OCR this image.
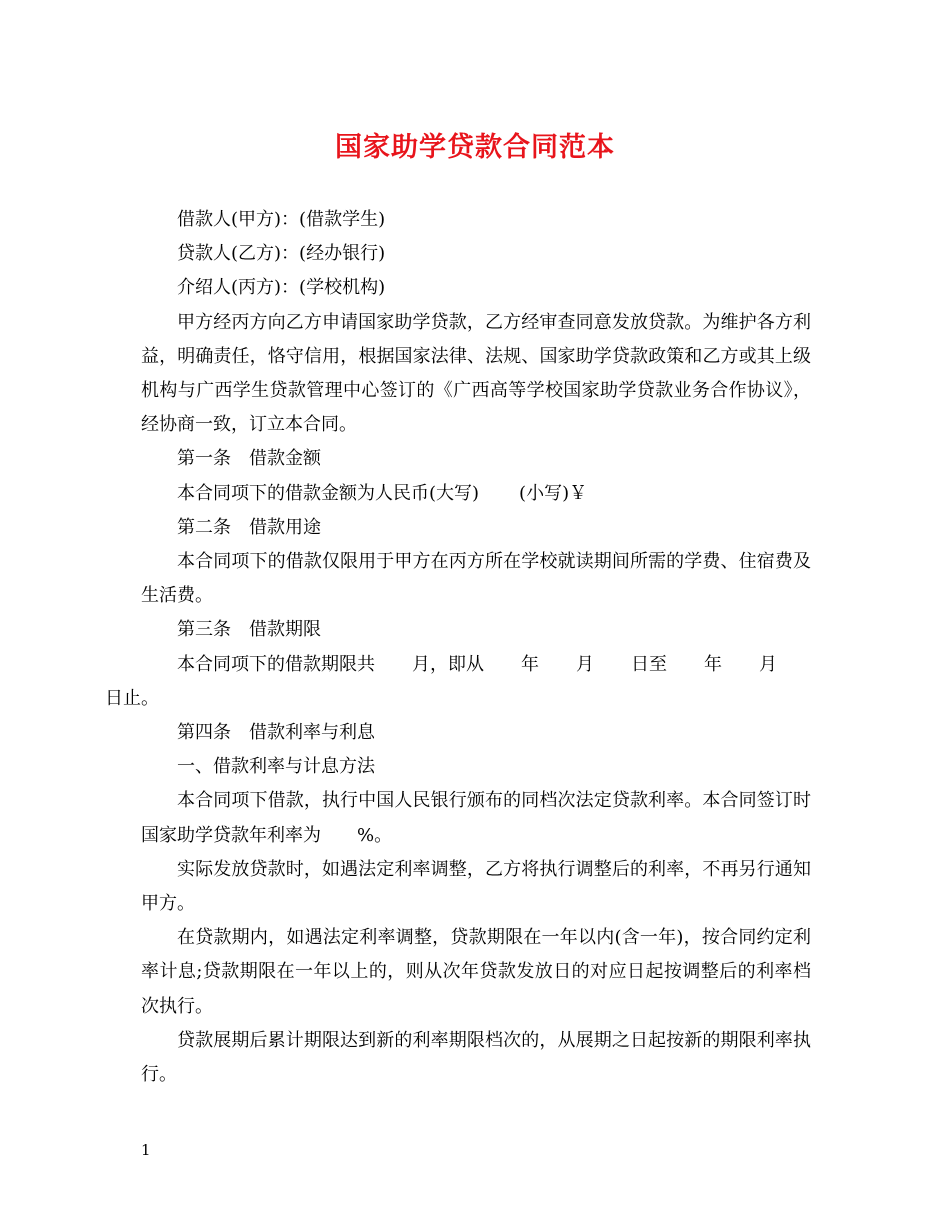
国家助学贷款合同范本

借款人(甲方)：(借款学生)

贷款人(乙方)：(经办银行)

介绍人(丙方)：(学校机构)

甲方经丙方向乙方申请国家助学贷款，乙方经审查同意发放贷款。为维护各方利益，明确责任，恪守信用，根据国家法律、法规、国家助学贷款政策和乙方或其上级机构与广西学生贷款管理中心签订的《广西高等学校国家助学贷款业务合作协议》，经协商一致，订立本合同。

第一条　借款金额

本合同项下的借款金额为人民币(大写) (小写)￥

第二条　借款用途

本合同项下的借款仅限用于甲方在丙方所在学校就读期间所需的学费、住宿费及生活费。

第三条　借款期限

本合同项下的借款期限共 月，即从 年 月 日至 年 月
日止。

第四条　借款利率与利息

一、借款利率与计息方法

本合同项下借款，执行中国人民银行颁布的同档次法定贷款利率。本合同签订时国家助学贷款年利率为 %。

实际发放贷款时，如遇法定利率调整，乙方将执行调整后的利率，不再另行通知甲方。

在贷款期内，如遇法定利率调整，贷款期限在一年以内(含一年)，按合同约定利率计息;贷款期限在一年以上的，则从次年贷款发放日的对应日起按调整后的利率档次执行。

贷款展期后累计期限达到新的利率期限档次的，从展期之日起按新的期限利率执行。

1
